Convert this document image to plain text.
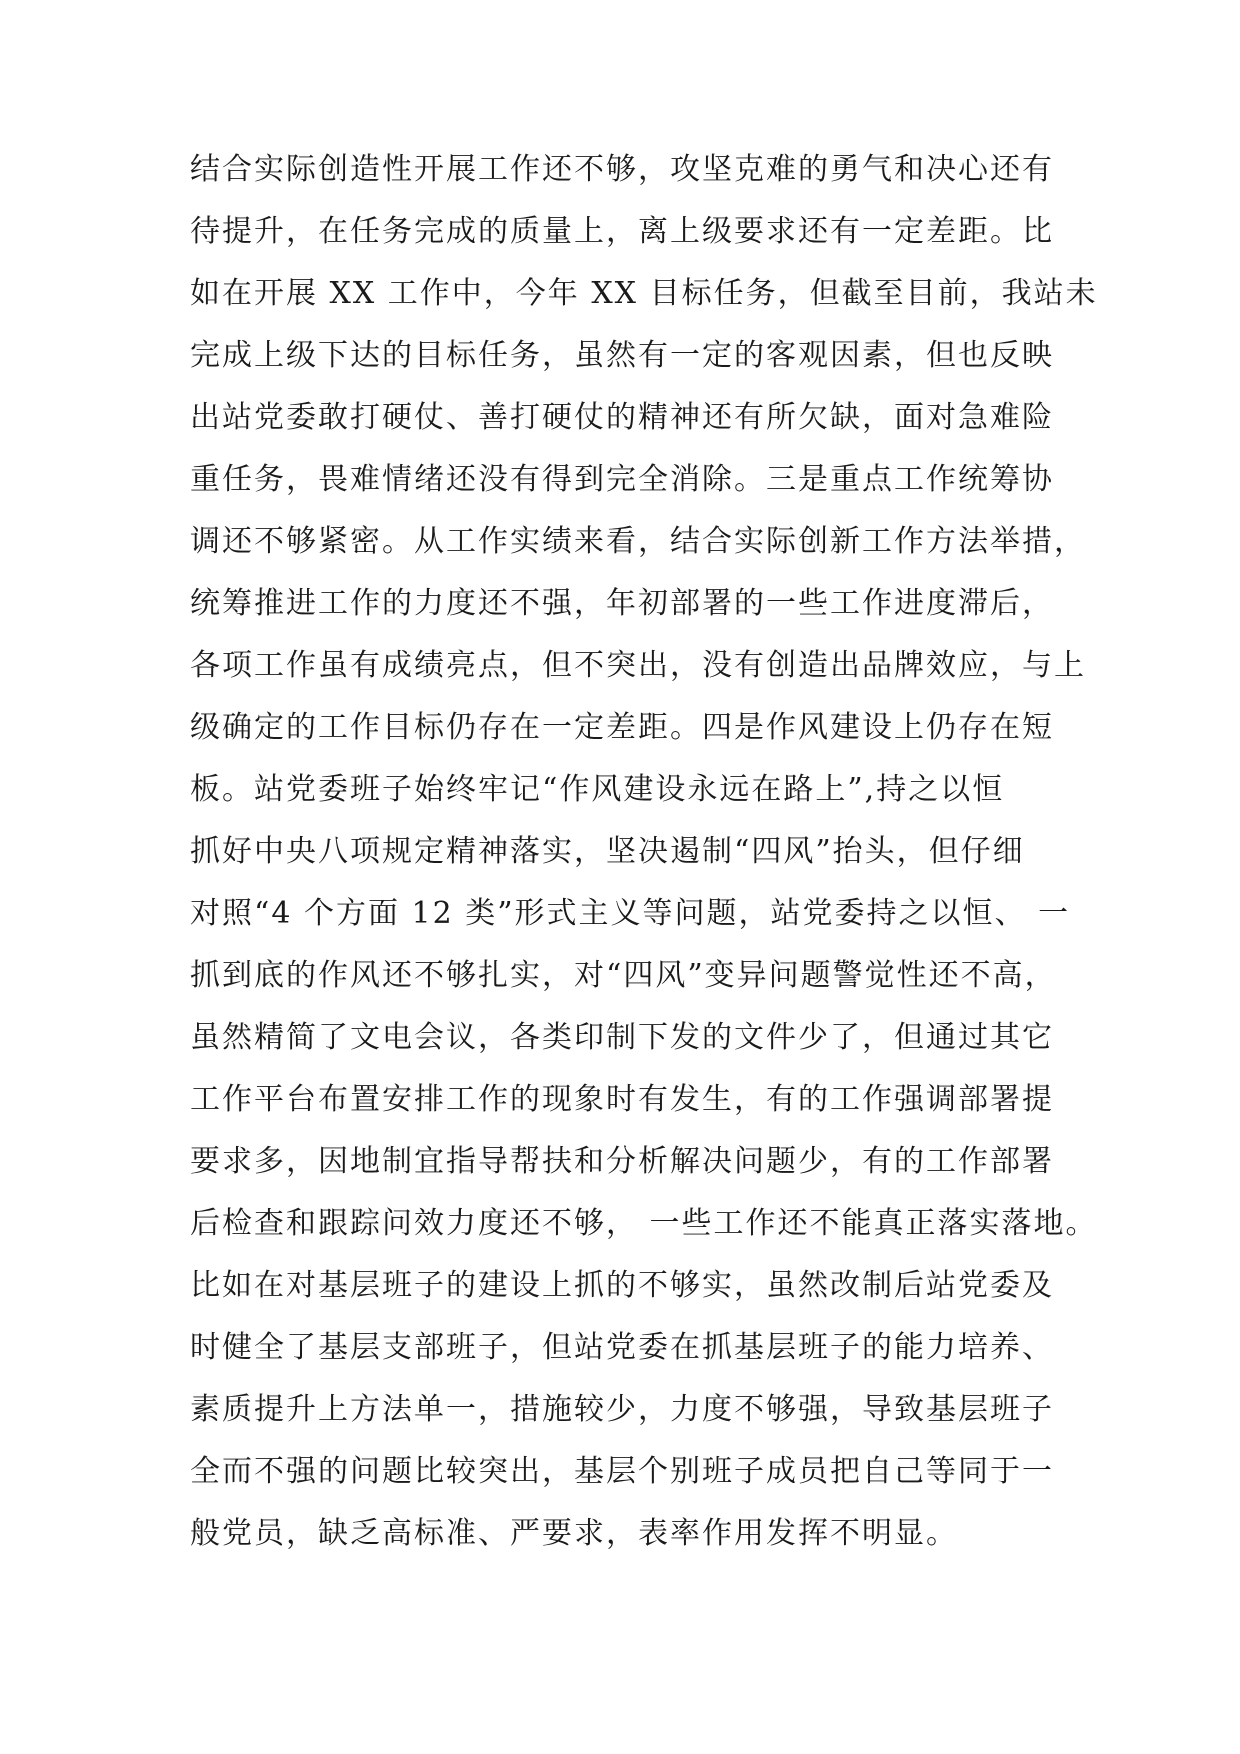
结合实际创造性开展工作还不够，攻坚克难的勇气和决心还有
待提升，在任务完成的质量上，离上级要求还有一定差距。比
如在开展 XX 工作中，今年 XX 目标任务，但截至目前，我站未
完成上级下达的目标任务，虽然有一定的客观因素，但也反映
出站党委敢打硬仗、善打硬仗的精神还有所欠缺，面对急难险
重任务，畏难情绪还没有得到完全消除。三是重点工作统筹协
调还不够紧密。从工作实绩来看，结合实际创新工作方法举措，
统筹推进工作的力度还不强，年初部署的一些工作进度滞后，
各项工作虽有成绩亮点，但不突出，没有创造出品牌效应，与上
级确定的工作目标仍存在一定差距。四是作风建设上仍存在短
板。站党委班子始终牢记“作风建设永远在路上”,持之以恒
抓好中央八项规定精神落实，坚决遏制“四风”抬头，但仔细
对照“4 个方面 12 类”形式主义等问题，站党委持之以恒、 一
抓到底的作风还不够扎实，对“四风”变异问题警觉性还不高，
虽然精简了文电会议，各类印制下发的文件少了，但通过其它
工作平台布置安排工作的现象时有发生，有的工作强调部署提
要求多，因地制宜指导帮扶和分析解决问题少，有的工作部署
后检查和跟踪问效力度还不够， 一些工作还不能真正落实落地。
比如在对基层班子的建设上抓的不够实，虽然改制后站党委及
时健全了基层支部班子，但站党委在抓基层班子的能力培养、
素质提升上方法单一，措施较少，力度不够强，导致基层班子
全而不强的问题比较突出，基层个别班子成员把自己等同于一
般党员，缺乏高标准、严要求，表率作用发挥不明显。
